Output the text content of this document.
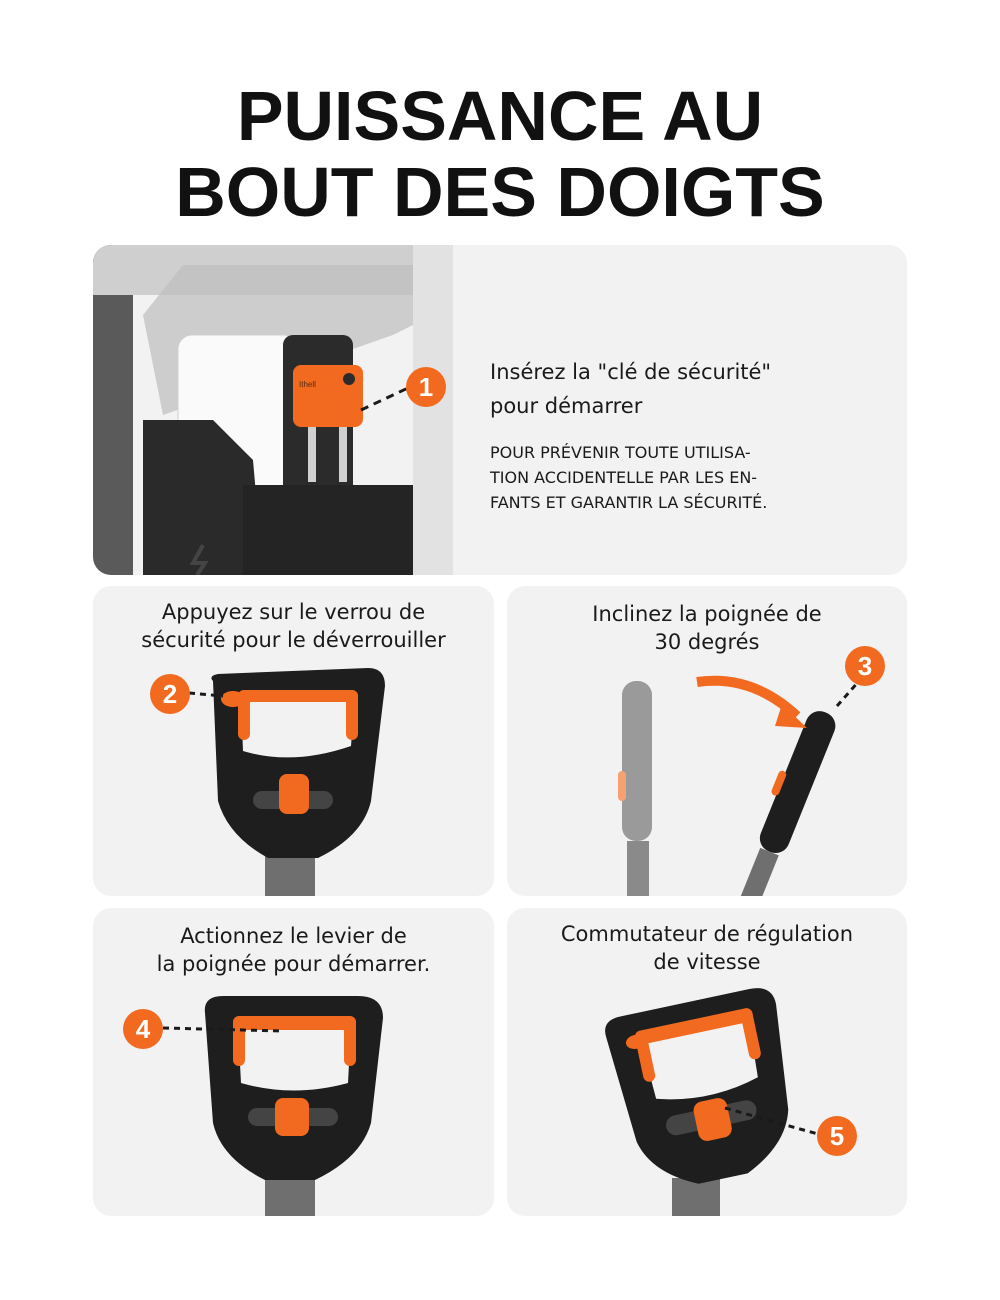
PUISSANCE AU
BOUT DES DOIGTS
Ithell	1	Insérez la "clé de sécurité"
pour démarrer
POUR PRÉVENIR TOUTE UTILISA-
TION ACCIDENTELLE PAR LES EN-
FANTS ET GARANTIR LA SÉCURITÉ.
Appuyez sur le verrou de
sécurité pour le déverrouiller
2
Inclinez la poignée de
30 degrés
3
Actionnez le levier de
la poignée pour démarrer.
4
Commutateur de régulation
de vitesse
5
